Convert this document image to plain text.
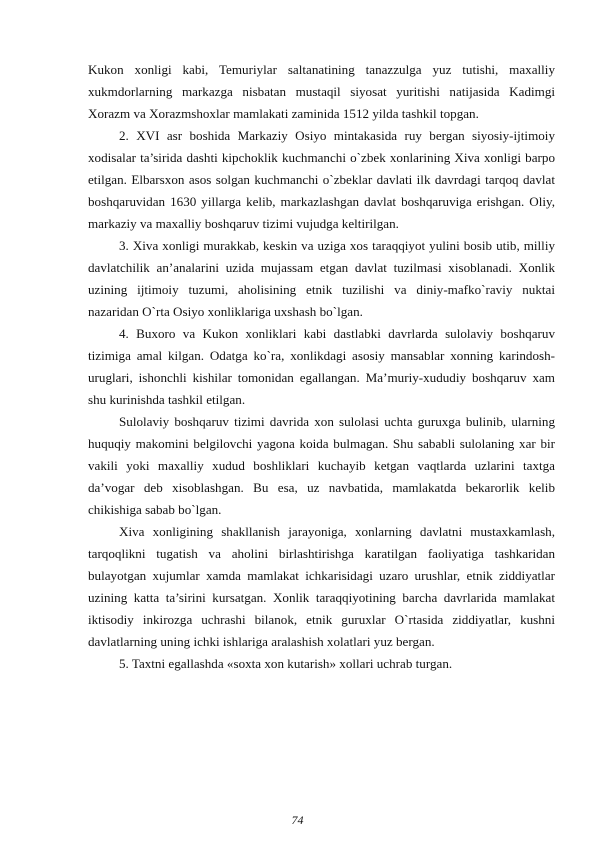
Kukon xonligi kabi, Temuriylar saltanatining tanazzulga yuz tutishi, maxalliy xukmdorlarning markazga nisbatan mustaqil siyosat yuritishi natijasida Kadimgi Xorazm va Xorazmshoxlar mamlakati zaminida 1512 yilda tashkil topgan.

2. XVI asr boshida Markaziy Osiyo mintakasida ruy bergan siyosiy-ijtimoiy xodisalar ta’sirida dashti kipchoklik kuchmanchi o`zbek xonlarining Xiva xonligi barpo etilgan. Elbarsxon asos solgan kuchmanchi o`zbeklar davlati ilk davrdagi tarqoq davlat boshqaruvidan 1630 yillarga kelib, markazlashgan davlat boshqaruviga erishgan. Oliy, markaziy va maxalliy boshqaruv tizimi vujudga keltirilgan.

3. Xiva xonligi murakkab, keskin va uziga xos taraqqiyot yulini bosib utib, milliy davlatchilik an’analarini uzida mujassam etgan davlat tuzilmasi xisoblanadi. Xonlik uzining ijtimoiy tuzumi, aholisining etnik tuzilishi va diniy-mafko`raviy nuktai nazaridan O`rta Osiyo xonliklariga uxshash bo`lgan.

4. Buxoro va Kukon xonliklari kabi dastlabki davrlarda sulolaviy boshqaruv tizimiga amal kilgan. Odatga ko`ra, xonlikdagi asosiy mansablar xonning karindosh-uruglari, ishonchli kishilar tomonidan egallangan. Ma’muriy-xududiy boshqaruv xam shu kurinishda tashkil etilgan.

Sulolaviy boshqaruv tizimi davrida xon sulolasi uchta guruxga bulinib, ularning huquqiy makomini belgilovchi yagona koida bulmagan. Shu sababli sulolaning xar bir vakili yoki maxalliy xudud boshliklari kuchayib ketgan vaqtlarda uzlarini taxtga da’vogar deb xisoblashgan. Bu esa, uz navbatida, mamlakatda bekarorlik kelib chikishiga sabab bo`lgan.

Xiva xonligining shakllanish jarayoniga, xonlarning davlatni mustaxkamlash, tarqoqlikni tugatish va aholini birlashtirishga karatilgan faoliyatiga tashkaridan bulayotgan xujumlar xamda mamlakat ichkarisidagi uzaro urushlar, etnik ziddiyatlar uzining katta ta’sirini kursatgan. Xonlik taraqqiyotining barcha davrlarida mamlakat iktisodiy inkirozga uchrashi bilanok, etnik guruxlar O`rtasida ziddiyatlar, kushni davlatlarning uning ichki ishlariga aralashish xolatlari yuz bergan.

5. Taxtni egallashda «soxta xon kutarish» xollari uchrab turgan.

74
